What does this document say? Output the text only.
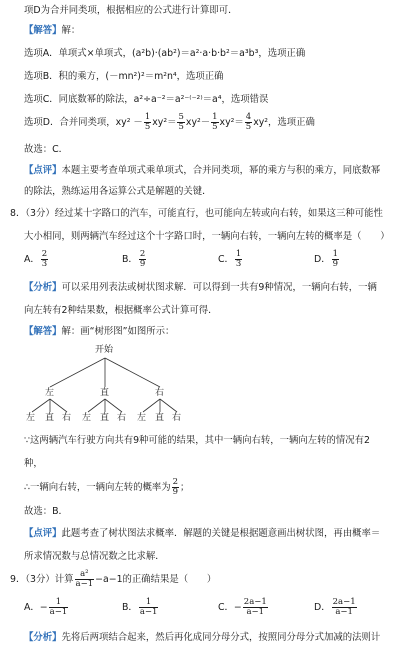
项D为合并同类项，根据相应的公式进行计算即可．
【解答】解：
选项A．单项式×单项式，(a²b)·(ab²)＝a²·a·b·b²＝a³b³，选项正确
选项B．积的乘方，(－mn²)²＝m²n⁴，选项正确
选项C．同底数幂的除法，a²÷a⁻²＝a²⁻⁽⁻²⁾＝a⁴，选项错误
选项D．合并同类项，$xy^2 - \frac{1}{5} xy^2= \frac{5}{5} xy^2- \frac{1}{5} xy^2= \frac{4}{5} xy^2$，选项正确
故选：C．
【点评】本题主要考查单项式乘单项式，合并同类项，幂的乘方与积的乘方，同底数幂
的除法，熟练运用各运算公式是解题的关键．
8．（3分）经过某十字路口的汽车，可能直行，也可能向左转或向右转，如果这三种可能性
大小相同，则两辆汽车经过这个十字路口时，一辆向右转，一辆向左转的概率是（　　）
A． $\frac{2}{3}$	B． $\frac{2}{9}$	C． $\frac{1}{3}$	D． $\frac{1}{9}$
【分析】可以采用列表法或树状图求解．可以得到一共有9种情况，一辆向右转，一辆
向左转有2种结果数，根据概率公式计算可得．
【解答】解：画“树形图”如图所示：
开始
左	直	右
左 直 右 左 直 右 左 直 右
∵这两辆汽车行驶方向共有9种可能的结果，其中一辆向右转，一辆向左转的情况有2
种，
∴一辆向右转，一辆向左转的概率为 $\frac{2}{9}$ ；
故选：B．
【点评】此题考查了树状图法求概率．解题的关键是根据题意画出树状图，再由概率＝
所求情况数与总情况数之比求解．
9．（3分）计算 $\frac{\text{a²}}{a-1} -a-1$的正确结果是（　　）
A．− $\frac{1}{a-1}$	B． $\frac{1}{a-1}$	C．− $\frac{2a-1}{a-1}$	D． $\frac{2a-1}{a-1}$
【分析】先将后两项结合起来，然后再化成同分母分式，按照同分母分式加减的法则计
